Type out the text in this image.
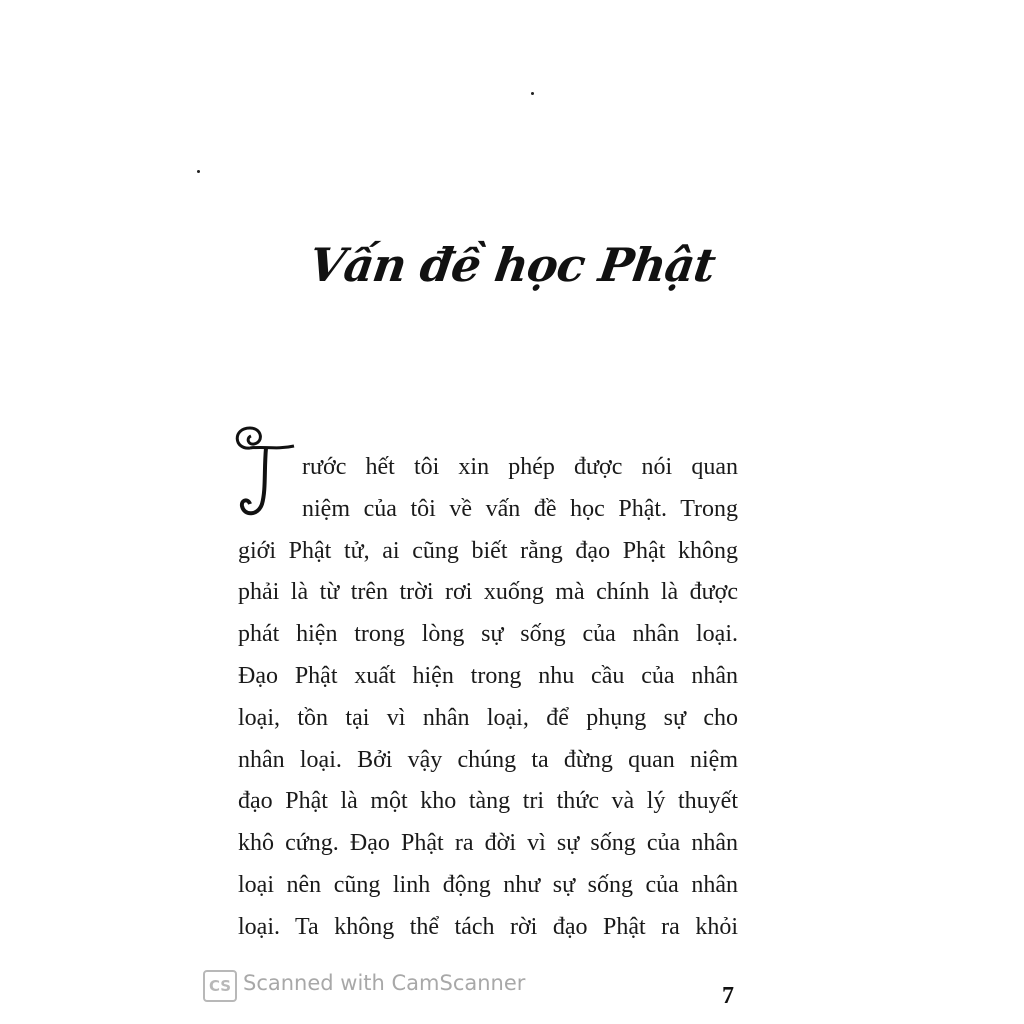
Vấn đề học Phật
rước hết tôi xin phép được nói quan
niệm của tôi về vấn đề học Phật. Trong
giới Phật tử, ai cũng biết rằng đạo Phật không
phải là từ trên trời rơi xuống mà chính là được
phát hiện trong lòng sự sống của nhân loại.
Đạo Phật xuất hiện trong nhu cầu của nhân
loại, tồn tại vì nhân loại, để phụng sự cho
nhân loại. Bởi vậy chúng ta đừng quan niệm
đạo Phật là một kho tàng tri thức và lý thuyết
khô cứng. Đạo Phật ra đời vì sự sống của nhân
loại nên cũng linh động như sự sống của nhân
loại. Ta không thể tách rời đạo Phật ra khỏi
CS Scanned with CamScanner	7
